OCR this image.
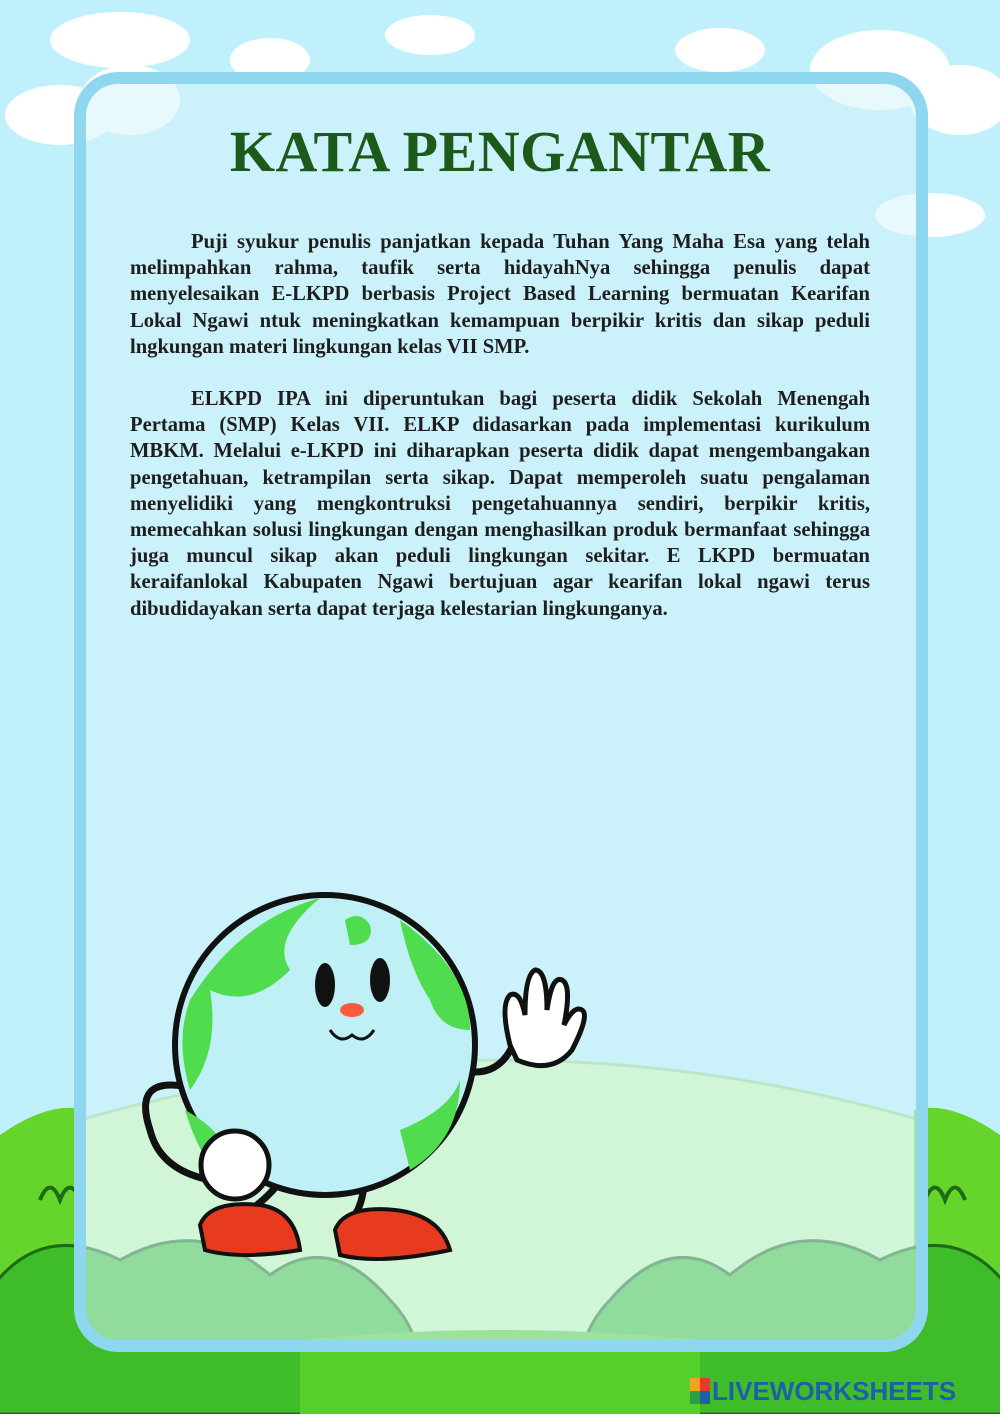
KATA PENGANTAR

Puji syukur penulis panjatkan kepada Tuhan Yang Maha Esa yang telah melimpahkan rahma, taufik serta hidayahNya sehingga penulis dapat menyelesaikan E-LKPD berbasis Project Based Learning bermuatan Kearifan Lokal Ngawi ntuk meningkatkan kemampuan berpikir kritis dan sikap peduli lngkungan materi lingkungan kelas VII SMP.

ELKPD IPA ini diperuntukan bagi peserta didik Sekolah Menengah Pertama (SMP) Kelas VII. ELKP didasarkan pada implementasi kurikulum MBKM. Melalui e-LKPD ini diharapkan peserta didik dapat mengembangakan pengetahuan, ketrampilan serta sikap. Dapat memperoleh suatu pengalaman menyelidiki yang mengkontruksi pengetahuannya sendiri, berpikir kritis, memecahkan solusi lingkungan dengan menghasilkan produk bermanfaat sehingga juga muncul sikap akan peduli lingkungan sekitar. E LKPD bermuatan keraifanlokal Kabupaten Ngawi bertujuan agar kearifan lokal ngawi terus dibudidayakan serta dapat terjaga kelestarian lingkunganya.

LIVEWORKSHEETS
